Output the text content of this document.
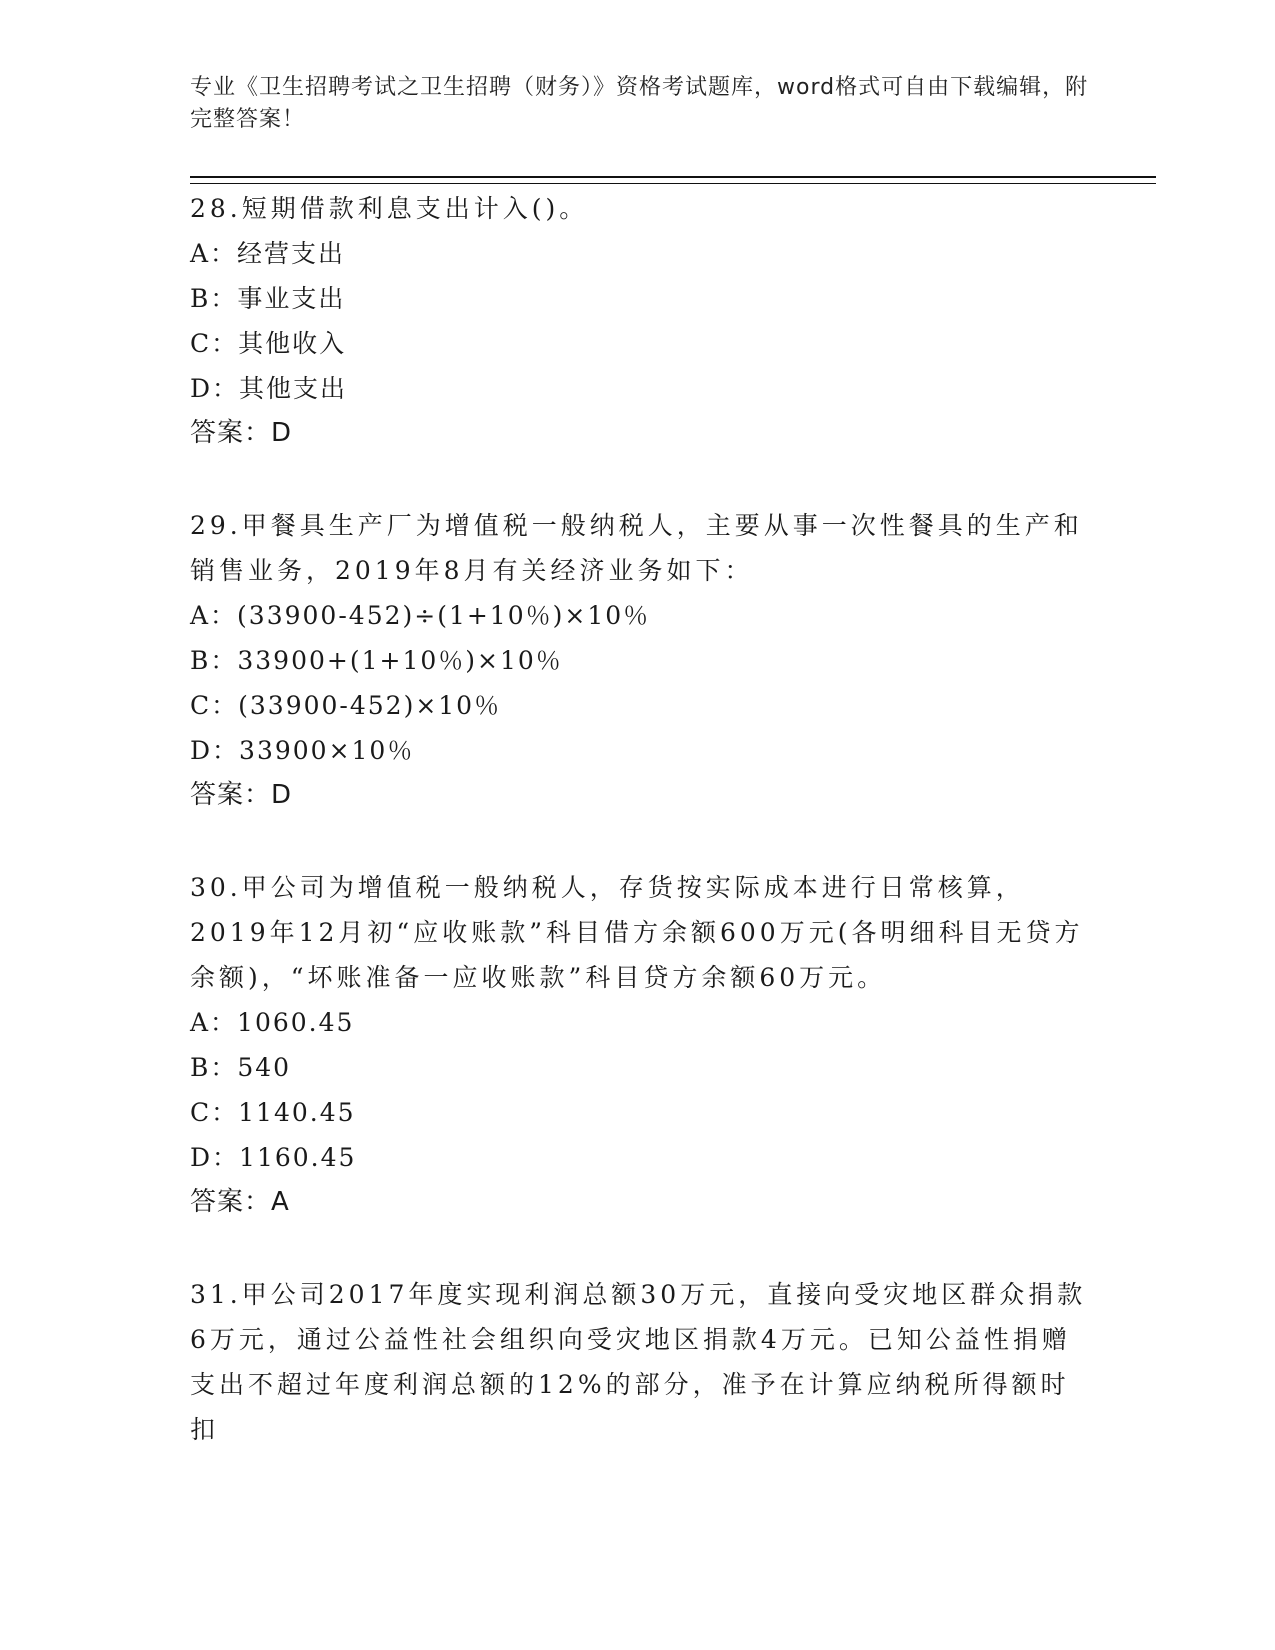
专业《卫生招聘考试之卫生招聘（财务）》资格考试题库，word格式可自由下载编辑，附完整答案！

28.短期借款利息支出计入()。

A：经营支出

B：事业支出

C：其他收入

D：其他支出

答案：D

29.甲餐具生产厂为增值税一般纳税人，主要从事一次性餐具的生产和销售业务，2019年8月有关经济业务如下：

A：(33900-452)÷(1+10％)×10％

B：33900+(1+10％)×10％

C：(33900-452)×10％

D：33900×10％

答案：D

30.甲公司为增值税一般纳税人，存货按实际成本进行日常核算，2019年12月初“应收账款”科目借方余额600万元(各明细科目无贷方余额)，“坏账准备一应收账款”科目贷方余额60万元。

A：1060.45

B：540

C：1140.45

D：1160.45

答案：A

31.甲公司2017年度实现利润总额30万元，直接向受灾地区群众捐款6万元，通过公益性社会组织向受灾地区捐款4万元。已知公益性捐赠支出不超过年度利润总额的12%的部分，准予在计算应纳税所得额时扣
